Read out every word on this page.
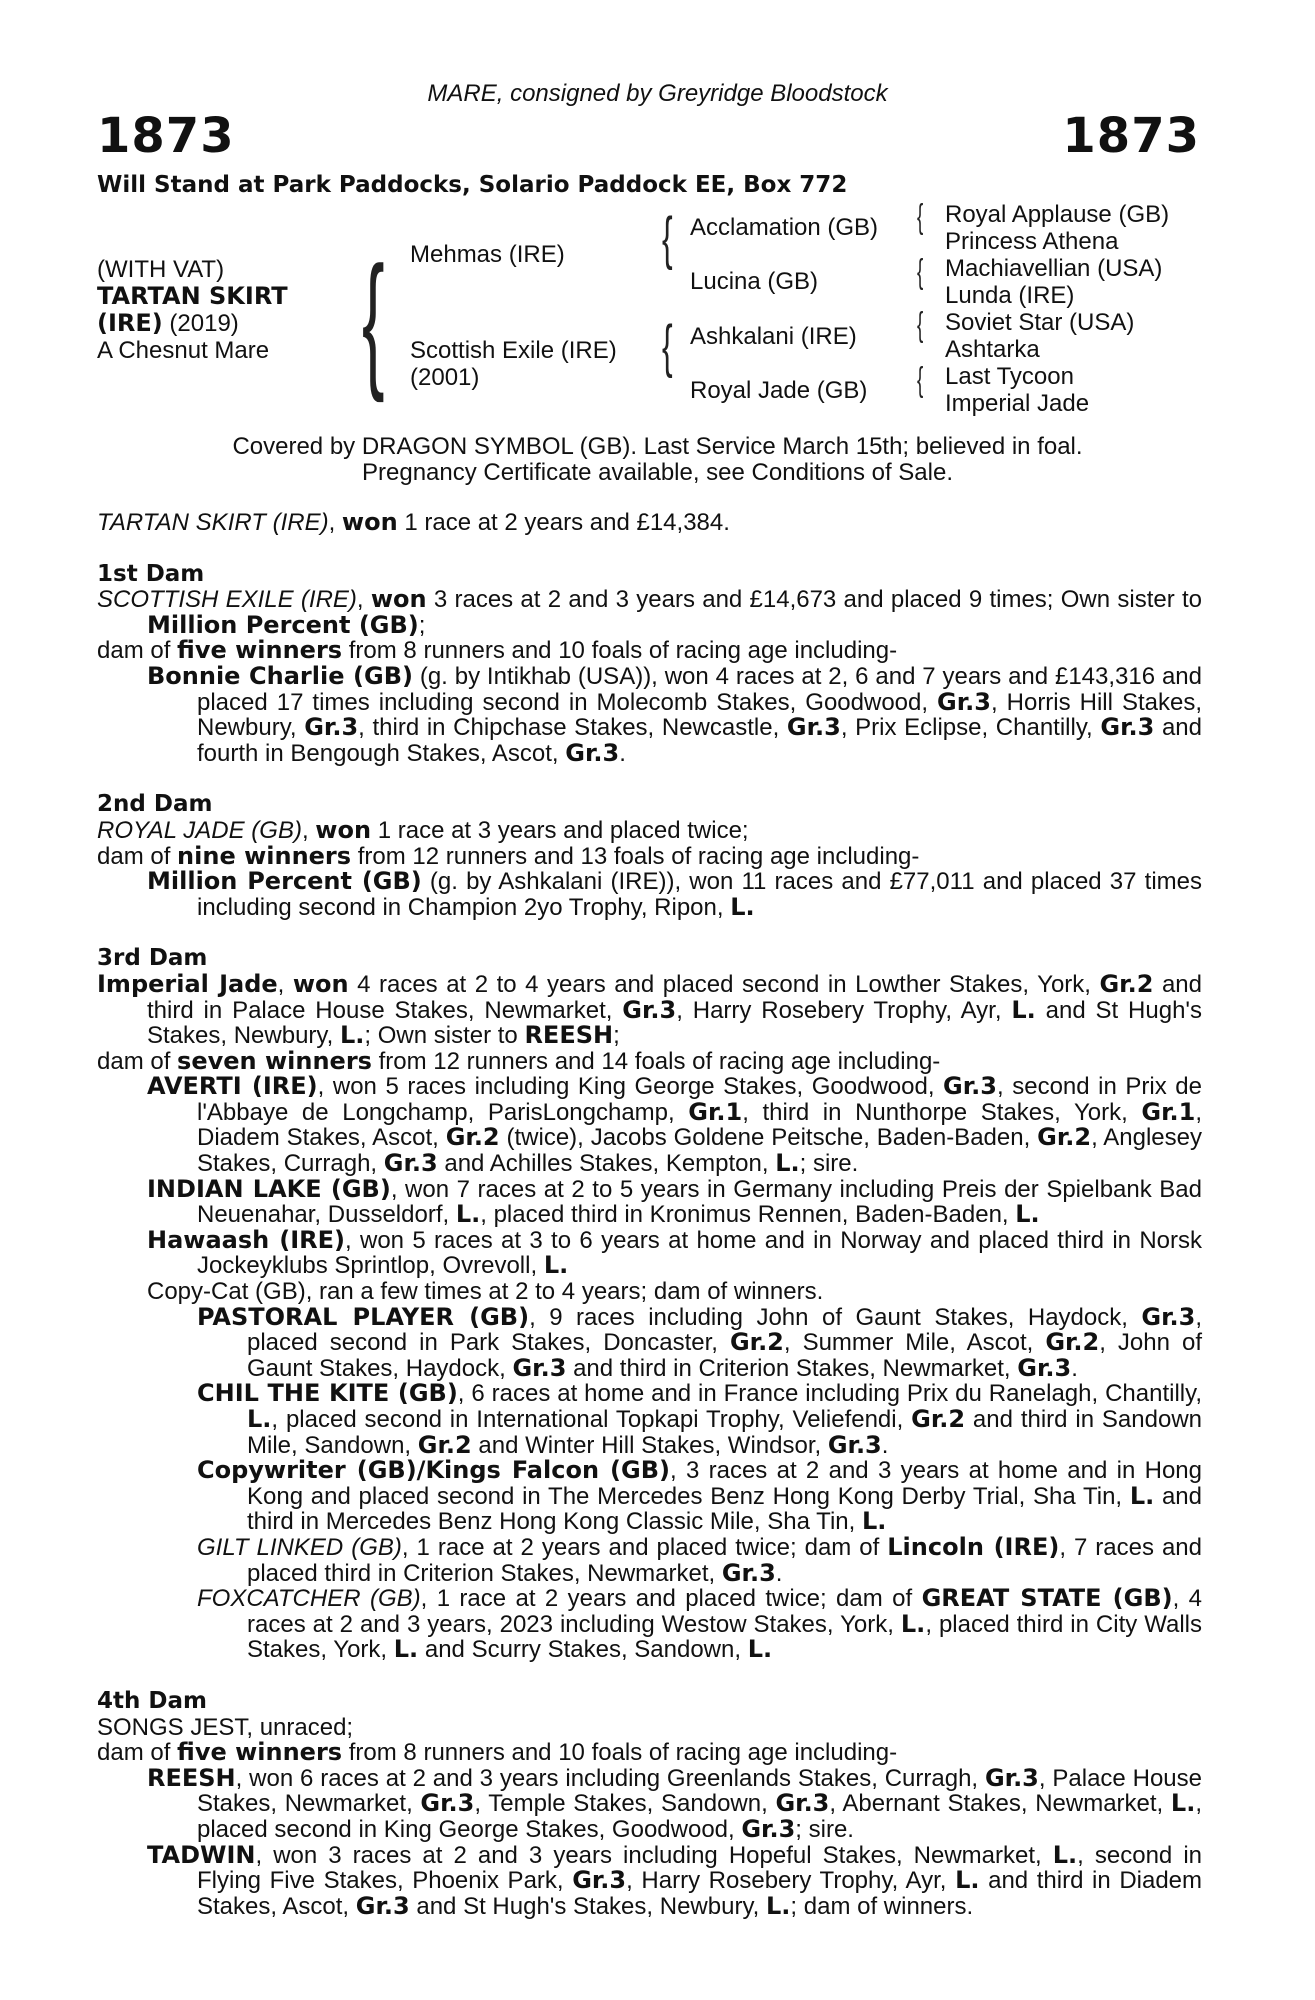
MARE, consigned by Greyridge Bloodstock
1873	1873
Will Stand at Park Paddocks, Solario Paddock EE, Box 772
(WITH VAT)
TARTAN SKIRT
(IRE) (2019)
A Chesnut Mare {	{
{
{
{
{
{
Mehmas (IRE)
Scottish Exile (IRE)
(2001)
Acclamation (GB)
Lucina (GB)
Ashkalani (IRE)
Royal Jade (GB)
Royal Applause (GB)
Princess Athena
Machiavellian (USA)
Lunda (IRE)
Soviet Star (USA)
Ashtarka
Last Tycoon
Imperial Jade
Covered by DRAGON SYMBOL (GB). Last Service March 15th; believed in foal.
Pregnancy Certificate available, see Conditions of Sale.

TARTAN SKIRT (IRE), won 1 race at 2 years and £14,384.

1st Dam

SCOTTISH EXILE (IRE), won 3 races at 2 and 3 years and £14,673 and placed 9 times; Own sister to Million Percent (GB);

dam of five winners from 8 runners and 10 foals of racing age including-

Bonnie Charlie (GB) (g. by Intikhab (USA)), won 4 races at 2, 6 and 7 years and £143,316 and placed 17 times including second in Molecomb Stakes, Goodwood, Gr.3, Horris Hill Stakes, Newbury, Gr.3, third in Chipchase Stakes, Newcastle, Gr.3, Prix Eclipse, Chantilly, Gr.3 and fourth in Bengough Stakes, Ascot, Gr.3.

2nd Dam

ROYAL JADE (GB), won 1 race at 3 years and placed twice;

dam of nine winners from 12 runners and 13 foals of racing age including-

Million Percent (GB) (g. by Ashkalani (IRE)), won 11 races and £77,011 and placed 37 times including second in Champion 2yo Trophy, Ripon, L.

3rd Dam

Imperial Jade, won 4 races at 2 to 4 years and placed second in Lowther Stakes, York, Gr.2 and third in Palace House Stakes, Newmarket, Gr.3, Harry Rosebery Trophy, Ayr, L. and St Hugh's Stakes, Newbury, L.; Own sister to REESH;

dam of seven winners from 12 runners and 14 foals of racing age including-

AVERTI (IRE), won 5 races including King George Stakes, Goodwood, Gr.3, second in Prix de l'Abbaye de Longchamp, ParisLongchamp, Gr.1, third in Nunthorpe Stakes, York, Gr.1, Diadem Stakes, Ascot, Gr.2 (twice), Jacobs Goldene Peitsche, Baden-Baden, Gr.2, Anglesey Stakes, Curragh, Gr.3 and Achilles Stakes, Kempton, L.; sire.

INDIAN LAKE (GB), won 7 races at 2 to 5 years in Germany including Preis der Spielbank Bad Neuenahar, Dusseldorf, L., placed third in Kronimus Rennen, Baden-Baden, L.

Hawaash (IRE), won 5 races at 3 to 6 years at home and in Norway and placed third in Norsk Jockeyklubs Sprintlop, Ovrevoll, L.

Copy-Cat (GB), ran a few times at 2 to 4 years; dam of winners.

PASTORAL PLAYER (GB), 9 races including John of Gaunt Stakes, Haydock, Gr.3, placed second in Park Stakes, Doncaster, Gr.2, Summer Mile, Ascot, Gr.2, John of Gaunt Stakes, Haydock, Gr.3 and third in Criterion Stakes, Newmarket, Gr.3.

CHIL THE KITE (GB), 6 races at home and in France including Prix du Ranelagh, Chantilly, L., placed second in International Topkapi Trophy, Veliefendi, Gr.2 and third in Sandown Mile, Sandown, Gr.2 and Winter Hill Stakes, Windsor, Gr.3.

Copywriter (GB)/Kings Falcon (GB), 3 races at 2 and 3 years at home and in Hong Kong and placed second in The Mercedes Benz Hong Kong Derby Trial, Sha Tin, L. and third in Mercedes Benz Hong Kong Classic Mile, Sha Tin, L.

GILT LINKED (GB), 1 race at 2 years and placed twice; dam of Lincoln (IRE), 7 races and placed third in Criterion Stakes, Newmarket, Gr.3.

FOXCATCHER (GB), 1 race at 2 years and placed twice; dam of GREAT STATE (GB), 4 races at 2 and 3 years, 2023 including Westow Stakes, York, L., placed third in City Walls Stakes, York, L. and Scurry Stakes, Sandown, L.

4th Dam

SONGS JEST, unraced;

dam of five winners from 8 runners and 10 foals of racing age including-

REESH, won 6 races at 2 and 3 years including Greenlands Stakes, Curragh, Gr.3, Palace House Stakes, Newmarket, Gr.3, Temple Stakes, Sandown, Gr.3, Abernant Stakes, Newmarket, L., placed second in King George Stakes, Goodwood, Gr.3; sire.

TADWIN, won 3 races at 2 and 3 years including Hopeful Stakes, Newmarket, L., second in Flying Five Stakes, Phoenix Park, Gr.3, Harry Rosebery Trophy, Ayr, L. and third in Diadem Stakes, Ascot, Gr.3 and St Hugh's Stakes, Newbury, L.; dam of winners.
